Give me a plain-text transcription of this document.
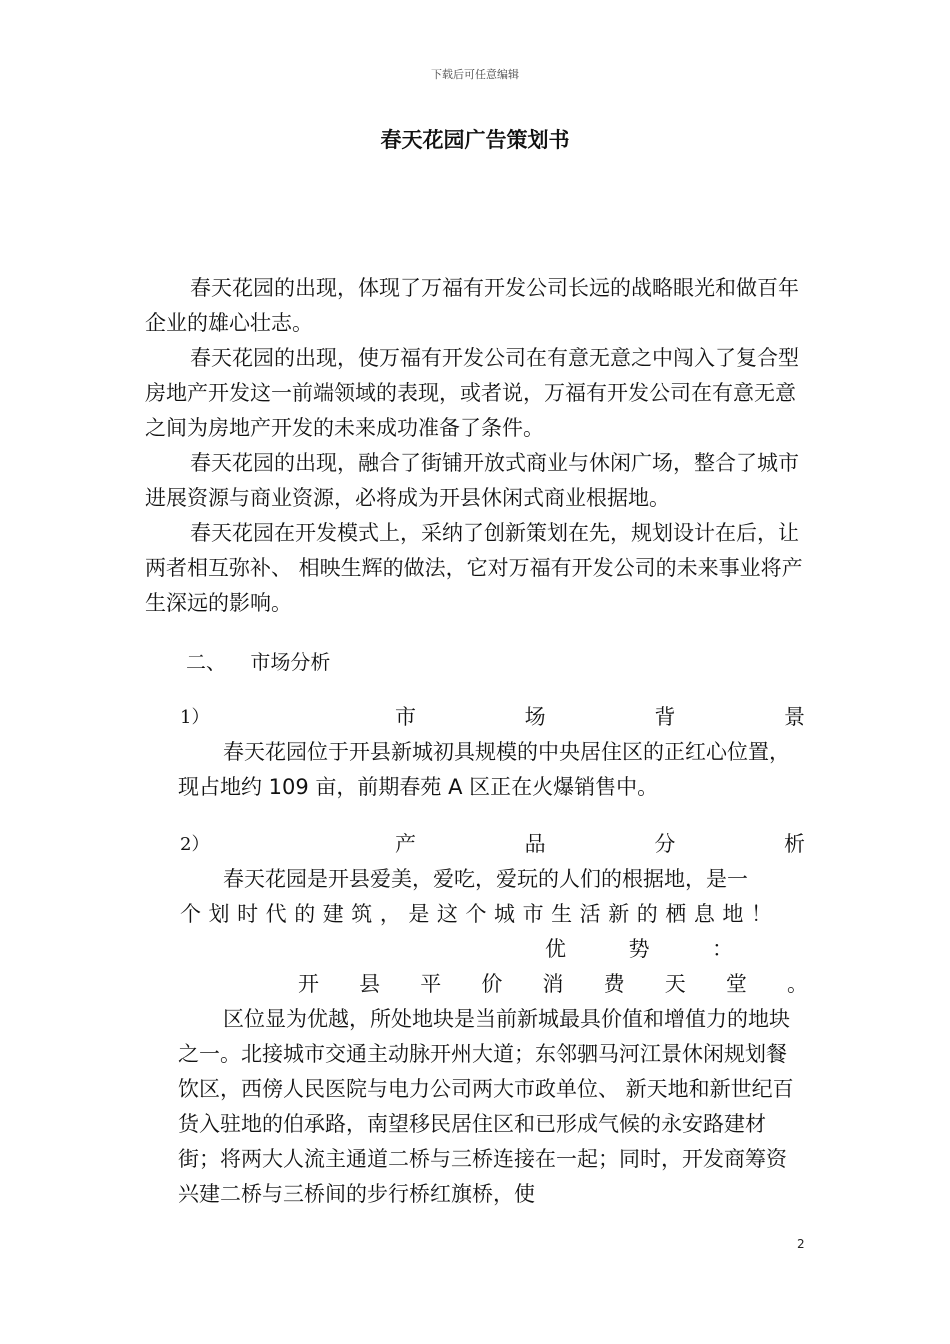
下载后可任意编辑
春天花园广告策划书

春天花园的出现，体现了万福有开发公司长远的战略眼光和做百年企业的雄心壮志。

春天花园的出现，使万福有开发公司在有意无意之中闯入了复合型房地产开发这一前端领域的表现，或者说，万福有开发公司在有意无意之间为房地产开发的未来成功准备了条件。

春天花园的出现，融合了街铺开放式商业与休闲广场，整合了城市进展资源与商业资源，必将成为开县休闲式商业根据地。

春天花园在开发模式上，采纳了创新策划在先，规划设计在后，让两者相互弥补、 相映生辉的做法，它对万福有开发公司的未来事业将产生深远的影响。

二、 市场分析
1）	市	场	背	景

春天花园位于开县新城初具规模的中央居住区的正红心位置，现占地约 109 亩，前期春苑 A 区正在火爆销售中。

2）	产	品	分	析

春天花园是开县爱美，爱吃，爱玩的人们的根据地，是一

个 划 时 代 的 建 筑 ， 是 这 个 城 市 生 活 新 的 栖 息 地 ！
优	势	：
开 县 平 价 消 费 天 堂 。

区位显为优越，所处地块是当前新城最具价值和增值力的地块之一。北接城市交通主动脉开州大道；东邻驷马河江景休闲规划餐饮区，西傍人民医院与电力公司两大市政单位、 新天地和新世纪百货入驻地的伯承路，南望移民居住区和已形成气候的永安路建材街；将两大人流主通道二桥与三桥连接在一起；同时，开发商筹资兴建二桥与三桥间的步行桥红旗桥，使

2
